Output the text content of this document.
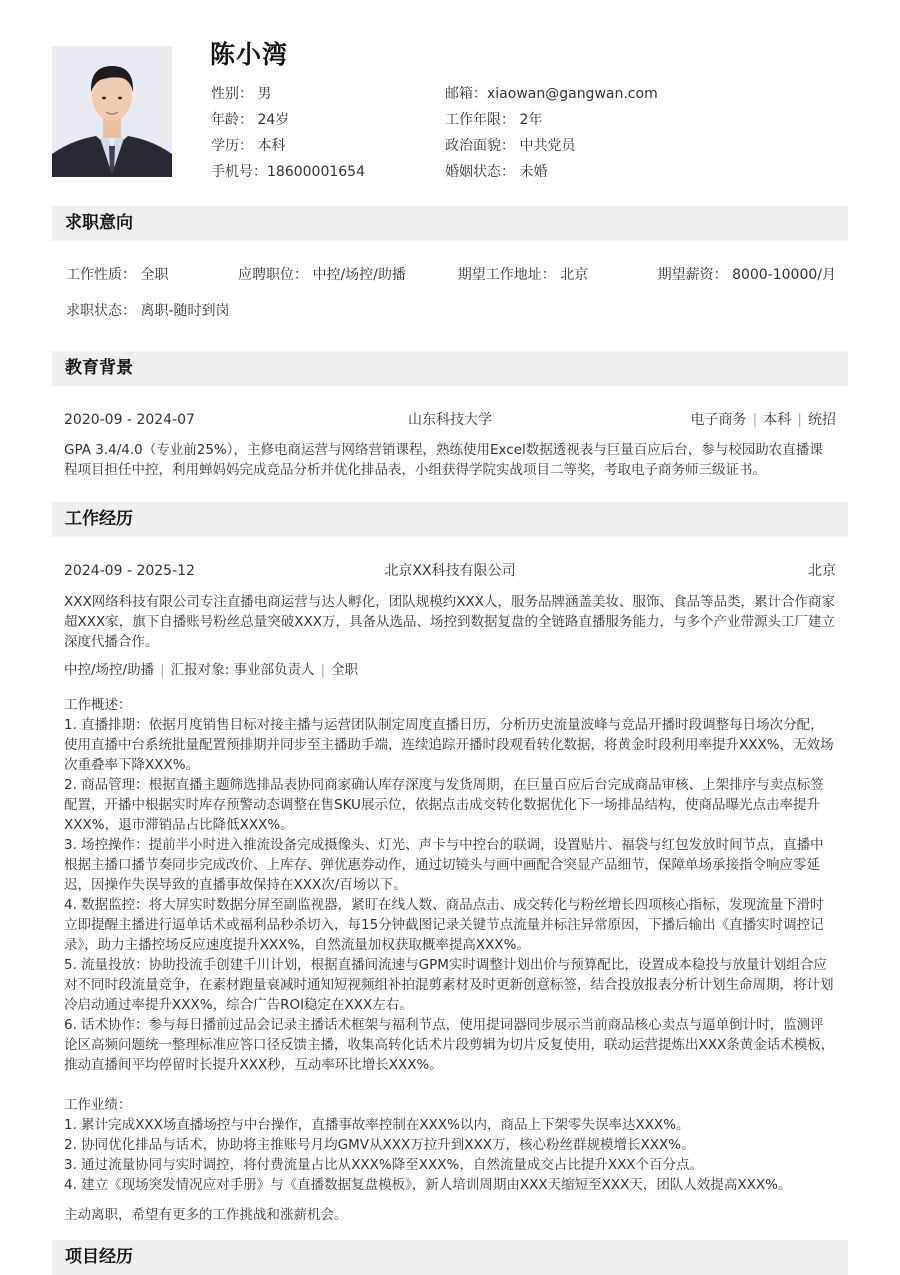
陈小湾
性别： 男	邮箱：xiaowan@gangwan.com
年龄： 24岁	工作年限： 2年
学历： 本科	政治面貌： 中共党员
手机号：18600001654	婚姻状态： 未婚
求职意向
工作性质： 全职	应聘职位： 中控/场控/助播	期望工作地址： 北京	期望薪资： 8000-10000/月
求职状态： 离职-随时到岗
教育背景
2020-09 - 2024-07	山东科技大学	电子商务 | 本科 | 统招

GPA 3.4/4.0（专业前25%），主修电商运营与网络营销课程，熟练使用Excel数据透视表与巨量百应后台，参与校园助农直播课程项目担任中控，利用蝉妈妈完成竞品分析并优化排品表，小组获得学院实战项目二等奖，考取电子商务师三级证书。

工作经历
2024-09 - 2025-12	北京XX科技有限公司	北京

XXX网络科技有限公司专注直播电商运营与达人孵化，团队规模约XXX人，服务品牌涵盖美妆、服饰、食品等品类，累计合作商家超XXX家，旗下自播账号粉丝总量突破XXX万，具备从选品、场控到数据复盘的全链路直播服务能力，与多个产业带源头工厂建立深度代播合作。

中控/场控/助播 | 汇报对象: 事业部负责人 | 全职

工作概述：

1. 直播排期：依据月度销售目标对接主播与运营团队制定周度直播日历，分析历史流量波峰与竞品开播时段调整每日场次分配，使用直播中台系统批量配置预排期并同步至主播助手端，连续追踪开播时段观看转化数据，将黄金时段利用率提升XXX%，无效场次重叠率下降XXX%。

2. 商品管理：根据直播主题筛选排品表协同商家确认库存深度与发货周期，在巨量百应后台完成商品审核、上架排序与卖点标签配置，开播中根据实时库存预警动态调整在售SKU展示位，依据点击成交转化数据优化下一场排品结构，使商品曝光点击率提升XXX%，退市滞销品占比降低XXX%。

3. 场控操作：提前半小时进入推流设备完成摄像头、灯光、声卡与中控台的联调，设置贴片、福袋与红包发放时间节点，直播中根据主播口播节奏同步完成改价、上库存、弹优惠券动作，通过切镜头与画中画配合突显产品细节，保障单场承接指令响应零延迟，因操作失误导致的直播事故保持在XXX次/百场以下。

4. 数据监控：将大屏实时数据分屏至副监视器，紧盯在线人数、商品点击、成交转化与粉丝增长四项核心指标，发现流量下滑时立即提醒主播进行逼单话术或福利品秒杀切入，每15分钟截图记录关键节点流量并标注异常原因，下播后输出《直播实时调控记录》，助力主播控场反应速度提升XXX%，自然流量加权获取概率提高XXX%。

5. 流量投放：协助投流手创建千川计划，根据直播间流速与GPM实时调整计划出价与预算配比，设置成本稳投与放量计划组合应对不同时段流量竞争，在素材跑量衰减时通知短视频组补拍混剪素材及时更新创意标签，结合投放报表分析计划生命周期，将计划冷启动通过率提升XXX%，综合广告ROI稳定在XXX左右。

6. 话术协作：参与每日播前过品会记录主播话术框架与福利节点，使用提词器同步展示当前商品核心卖点与逼单倒计时，监测评论区高频问题统一整理标准应答口径反馈主播，收集高转化话术片段剪辑为切片反复使用，联动运营提炼出XXX条黄金话术模板，推动直播间平均停留时长提升XXX秒，互动率环比增长XXX%。

工作业绩：

1. 累计完成XXX场直播场控与中台操作，直播事故率控制在XXX%以内，商品上下架零失误率达XXX%。

2. 协同优化排品与话术，协助将主推账号月均GMV从XXX万拉升到XXX万，核心粉丝群规模增长XXX%。

3. 通过流量协同与实时调控，将付费流量占比从XXX%降至XXX%，自然流量成交占比提升XXX个百分点。

4. 建立《现场突发情况应对手册》与《直播数据复盘模板》，新人培训周期由XXX天缩短至XXX天，团队人效提高XXX%。

主动离职，希望有更多的工作挑战和涨薪机会。

项目经历
